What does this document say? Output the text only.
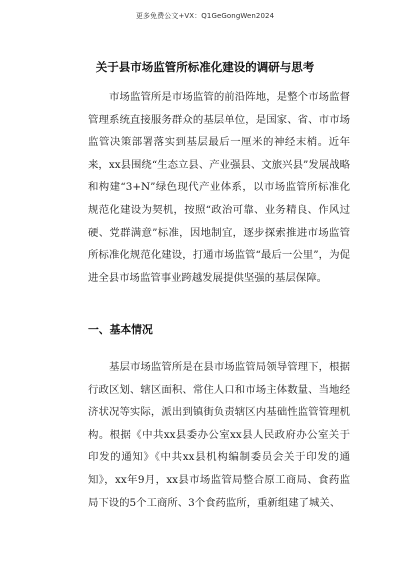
更多免费公文+VX：Q1GeGongWen2024
关于县市场监管所标准化建设的调研与思考

市场监管所是市场监管的前沿阵地，是整个市场监督管理系统直接服务群众的基层单位，是国家、省、市市场监管决策部署落实到基层最后一厘米的神经末梢。近年来，xx县围绕“生态立县、产业强县、文旅兴县”发展战略和构建“3+N”绿色现代产业体系，以市场监管所标准化规范化建设为契机，按照“政治可靠、业务精良、作风过硬、党群满意”标准，因地制宜，逐步探索推进市场监管所标准化规范化建设，打通市场监管“最后一公里”，为促进全县市场监管事业跨越发展提供坚强的基层保障。

一、基本情况

基层市场监管所是在县市场监管局领导管理下，根据行政区划、辖区面积、常住人口和市场主体数量、当地经济状况等实际，派出到镇街负责辖区内基础性监管管理机构。根据《中共xx县委办公室xx县人民政府办公室关于印发的通知》《中共xx县机构编制委员会关于印发的通知》，xx年9月，xx县市场监管局整合原工商局、食药监局下设的5个工商所、3个食药监所，重新组建了城关、
